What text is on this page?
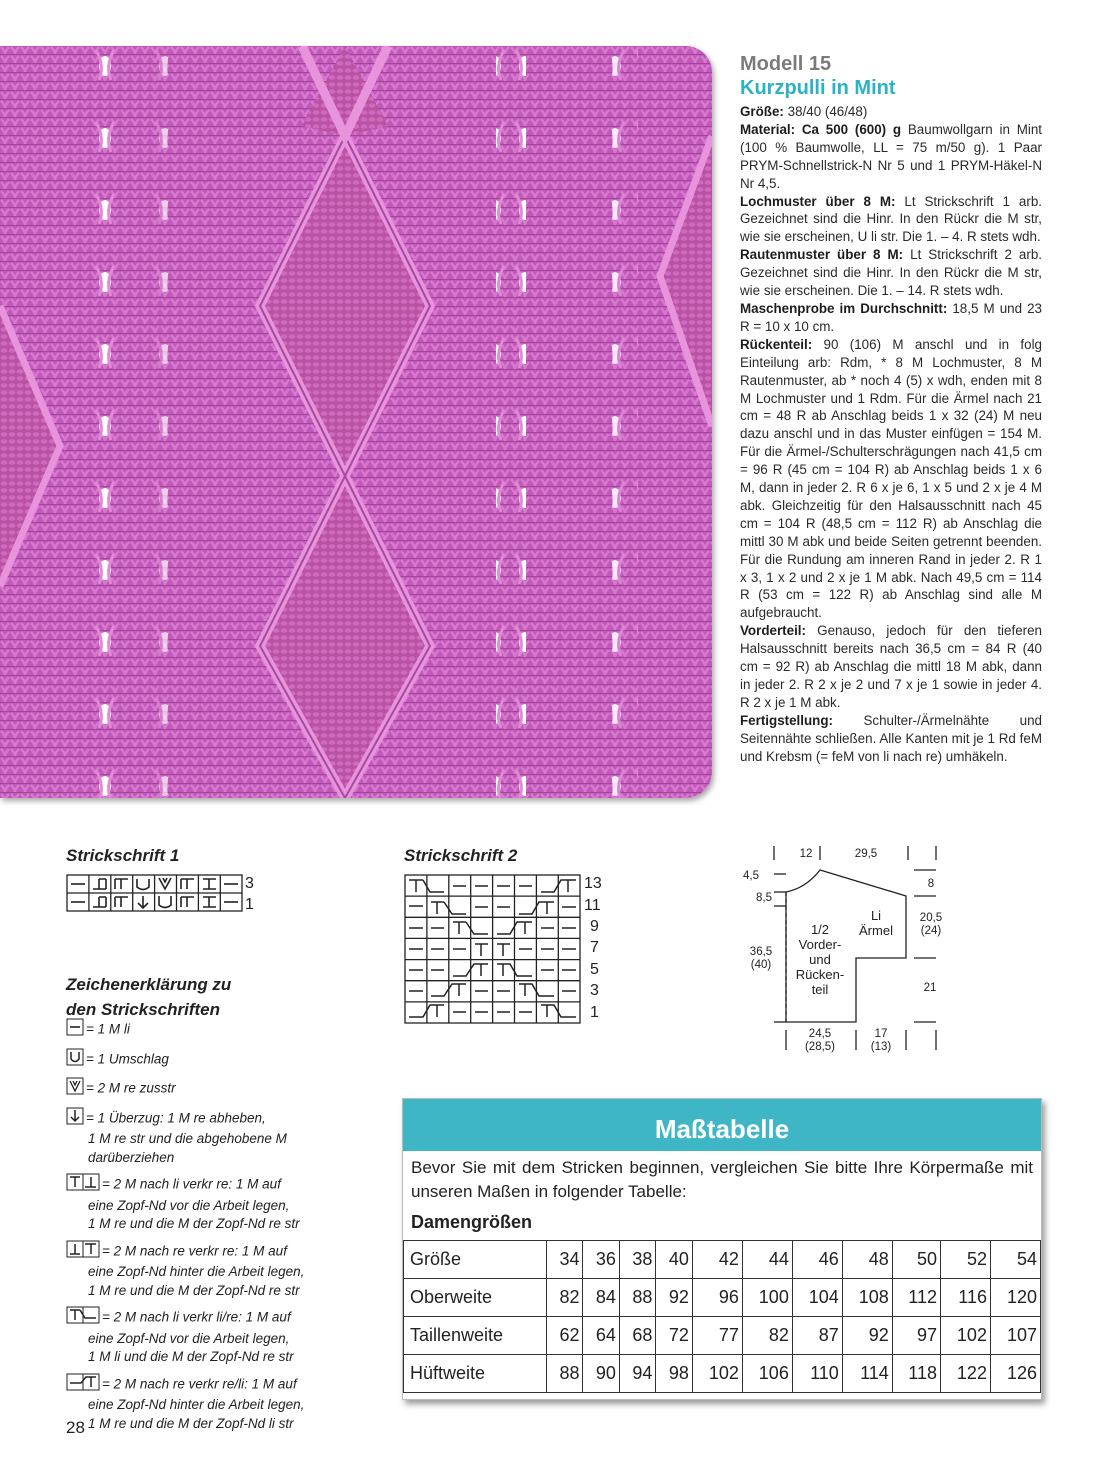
Modell 15
Kurzpulli in Mint

Größe: 38/40 (46/48)

Material: Ca 500 (600) g Baumwollgarn in Mint (100 % Baumwolle, LL = 75 m/50 g). 1 Paar PRYM-Schnellstrick-N Nr 5 und 1 PRYM-Häkel-N Nr 4,5.

Lochmuster über 8 M: Lt Strickschrift 1 arb. Gezeichnet sind die Hinr. In den Rückr die M str, wie sie erscheinen, U li str. Die 1. – 4. R stets wdh.

Rautenmuster über 8 M: Lt Strickschrift 2 arb. Gezeichnet sind die Hinr. In den Rückr die M str, wie sie erscheinen. Die 1. – 14. R stets wdh.

Maschenprobe im Durchschnitt: 18,5 M und 23 R = 10 x 10 cm.

Rückenteil: 90 (106) M anschl und in folg Einteilung arb: Rdm, * 8 M Lochmuster, 8 M Rautenmuster, ab * noch 4 (5) x wdh, enden mit 8 M Lochmuster und 1 Rdm. Für die Ärmel nach 21 cm = 48 R ab Anschlag beids 1 x 32 (24) M neu dazu anschl und in das Muster einfügen = 154 M. Für die Ärmel-/Schulterschrägungen nach 41,5 cm = 96 R (45 cm = 104 R) ab Anschlag beids 1 x 6 M, dann in jeder 2. R 6 x je 6, 1 x 5 und 2 x je 4 M abk. Gleichzeitig für den Halsausschnitt nach 45 cm = 104 R (48,5 cm = 112 R) ab Anschlag die mittl 30 M abk und beide Seiten getrennt beenden. Für die Rundung am inneren Rand in jeder 2. R 1 x 3, 1 x 2 und 2 x je 1 M abk. Nach 49,5 cm = 114 R (53 cm = 122 R) ab Anschlag sind alle M aufgebraucht.

Vorderteil: Genauso, jedoch für den tieferen Halsausschnitt bereits nach 36,5 cm = 84 R (40 cm = 92 R) ab Anschlag die mittl 18 M abk, dann in jeder 2. R 2 x je 2 und 7 x je 1 sowie in jeder 4. R 2 x je 1 M abk.

Fertigstellung: Schulter-/Ärmelnähte und Seitennähte schließen. Alle Kanten mit je 1 Rd feM und Krebsm (= feM von li nach re) umhäkeln.

Strickschrift 1
3
1
Strickschrift 2
13
11
9
7
5
3
1
Zeichenerklärung zu
den Strickschriften
= 1 M li
= 1 Umschlag
= 2 M re zusstr
= 1 Überzug: 1 M re abheben,
1 M re str und die abgehobene M
darüberziehen
= 2 M nach li verkr re: 1 M auf
eine Zopf-Nd vor die Arbeit legen,
1 M re und die M der Zopf-Nd re str
= 2 M nach re verkr re: 1 M auf
eine Zopf-Nd hinter die Arbeit legen,
1 M re und die M der Zopf-Nd re str
= 2 M nach li verkr li/re: 1 M auf
eine Zopf-Nd vor die Arbeit legen,
1 M li und die M der Zopf-Nd re str
= 2 M nach re verkr re/li: 1 M auf
eine Zopf-Nd hinter die Arbeit legen,
1 M re und die M der Zopf-Nd li str
12	29,5
4,5
8,5
8
20,5
(24)
36,5
(40)
21
24,5
(28,5)
17
(13)
Li
Ärmel
1/2
Vorder-
und
Rücken-
teil
Maßtabelle
Bevor Sie mit dem Stricken beginnen, vergleichen Sie bitte Ihre Körpermaße mit unseren Maßen in folgender Tabelle:
Damengrößen
Größe	34	36	38	40	42	44	46	48	50	52	54
Oberweite	82	84	88	92	96	100	104	108	112	116	120
Taillenweite	62	64	68	72	77	82	87	92	97	102	107
Hüftweite	88	90	94	98	102	106	110	114	118	122	126
28
